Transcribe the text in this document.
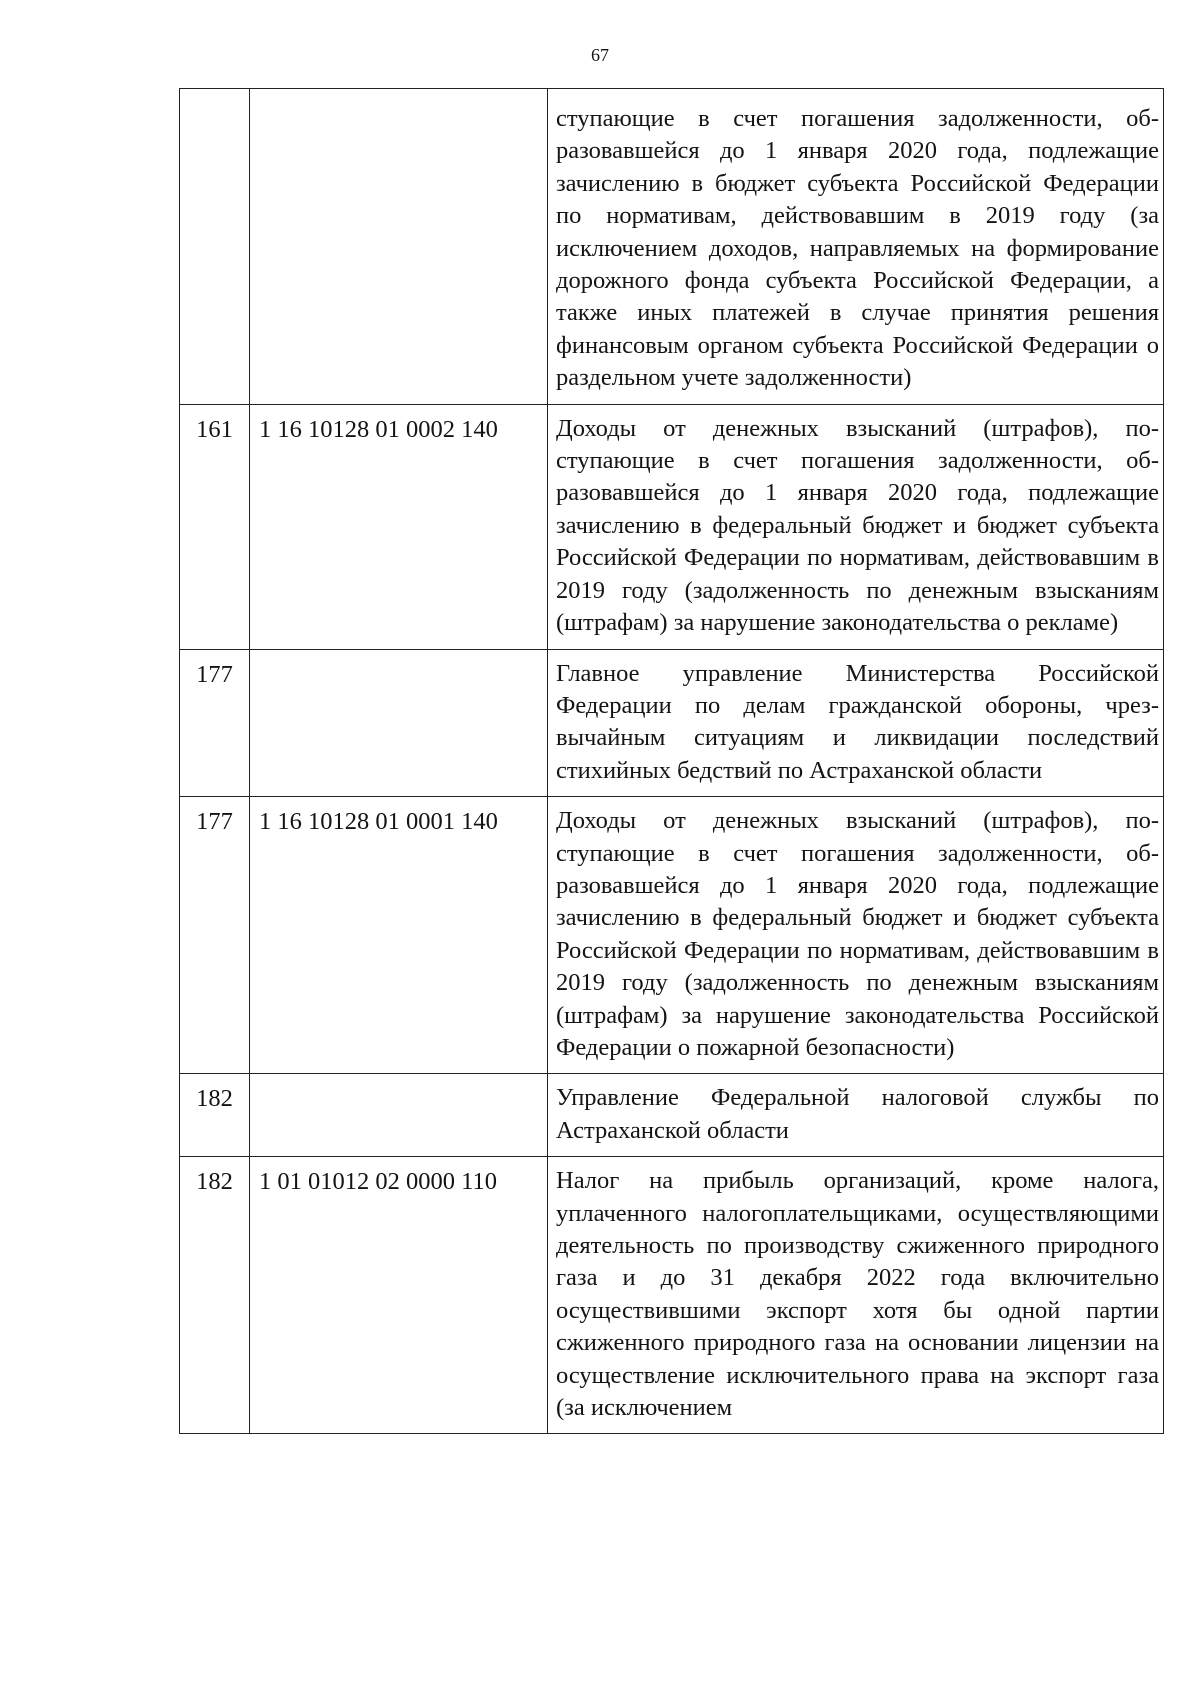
67
		ступающие в счет погашения задолженности, образовавшейся до 1 января 2020 года, подлежащие зачислению в бюджет субъекта Российской Федерации по нормативам, действовавшим в 2019 году (за исключением доходов, направляемых на формирование дорожного фонда субъекта Российской Федерации, а также иных платежей в случае принятия решения финансовым органом субъекта Российской Федерации о раздельном учете задолженности)
161	1 16 10128 01 0002 140	Доходы от денежных взысканий (штрафов), поступающие в счет погашения задолженности, образовавшейся до 1 января 2020 года, подлежащие зачислению в федеральный бюджет и бюджет субъекта Российской Федерации по нормативам, действовавшим в 2019 году (задолженность по денежным взысканиям (штрафам) за нарушение законодательства о рекламе)
177		Главное управление Министерства Российской Федерации по делам гражданской обороны, чрезвычайным ситуациям и ликвидации последствий стихийных бедствий по Астраханской области
177	1 16 10128 01 0001 140	Доходы от денежных взысканий (штрафов), поступающие в счет погашения задолженности, образовавшейся до 1 января 2020 года, подлежащие зачислению в федеральный бюджет и бюджет субъекта Российской Федерации по нормативам, действовавшим в 2019 году (задолженность по денежным взысканиям (штрафам) за нарушение законодательства Российской Федерации о пожарной безопасности)
182		Управление Федеральной налоговой службы по Астраханской области
182	1 01 01012 02 0000 110	Налог на прибыль организаций, кроме налога, уплаченного налогоплательщиками, осуществляющими деятельность по производству сжиженного природного газа и до 31 декабря 2022 года включительно осуществившими экспорт хотя бы одной партии сжиженного природного газа на основании лицензии на осуществление исключительного права на экспорт газа (за исключением
